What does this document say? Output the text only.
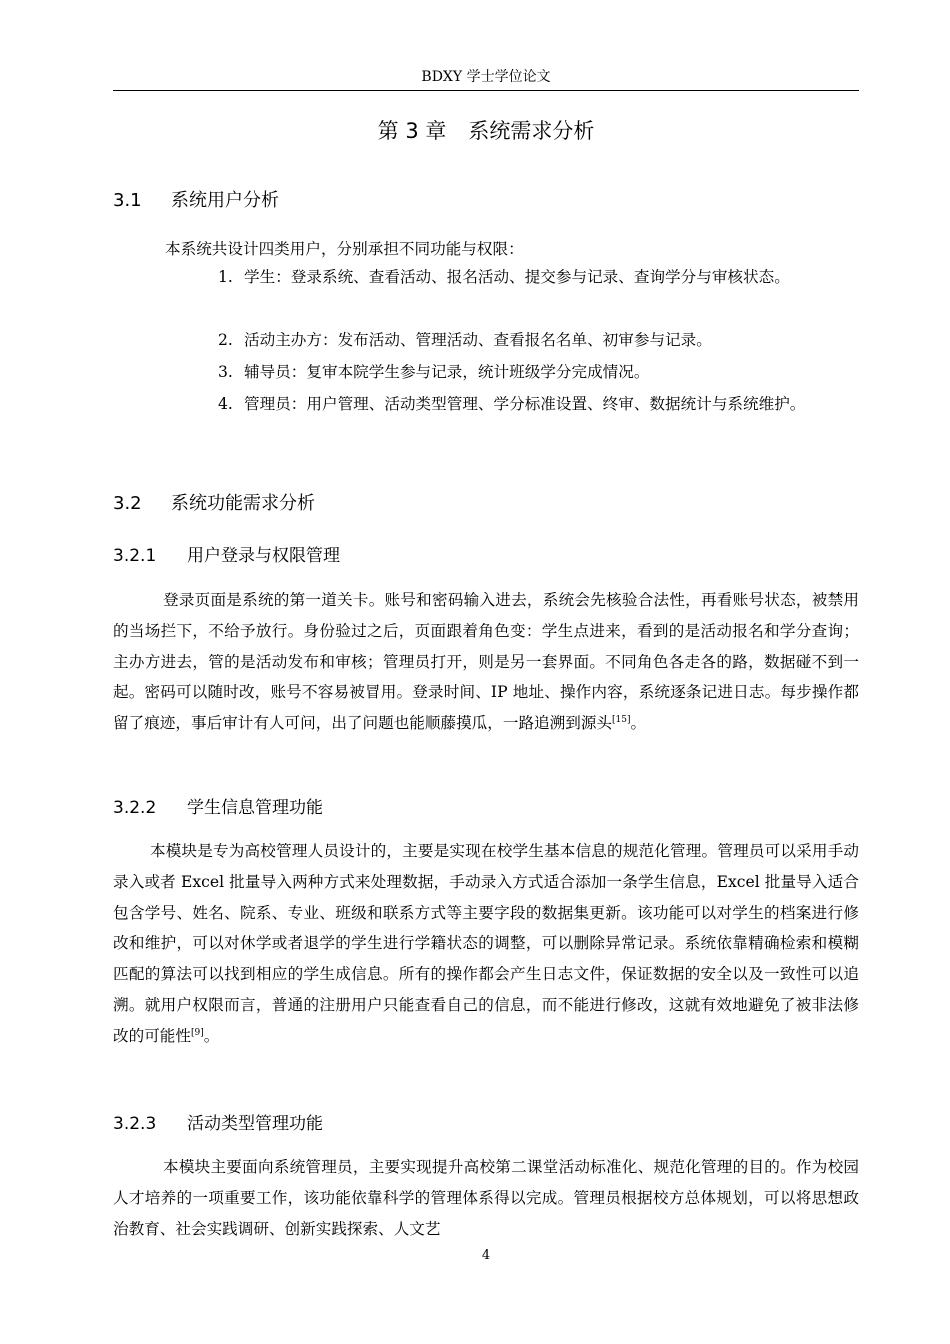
BDXY 学士学位论文
第 3 章 系统需求分析
3.1 系统用户分析
本系统共设计四类用户，分别承担不同功能与权限：
1. 学生：登录系统、查看活动、报名活动、提交参与记录、查询学分与审核状态。
2. 活动主办方：发布活动、管理活动、查看报名名单、初审参与记录。
3. 辅导员：复审本院学生参与记录，统计班级学分完成情况。
4. 管理员：用户管理、活动类型管理、学分标准设置、终审、数据统计与系统维护。
3.2 系统功能需求分析
3.2.1 用户登录与权限管理
登录页面是系统的第一道关卡。账号和密码输入进去，系统会先核验合法性，再看账号状态，被禁用的当场拦下，不给予放行。身份验过之后，页面跟着角色变：学生点进来，看到的是活动报名和学分查询；主办方进去，管的是活动发布和审核；管理员打开，则是另一套界面。不同角色各走各的路，数据碰不到一起。密码可以随时改，账号不容易被冒用。登录时间、IP 地址、操作内容，系统逐条记进日志。每步操作都留了痕迹，事后审计有人可问，出了问题也能顺藤摸瓜，一路追溯到源头[15]。
3.2.2 学生信息管理功能
本模块是专为高校管理人员设计的，主要是实现在校学生基本信息的规范化管理。管理员可以采用手动录入或者 Excel 批量导入两种方式来处理数据，手动录入方式适合添加一条学生信息，Excel 批量导入适合包含学号、姓名、院系、专业、班级和联系方式等主要字段的数据集更新。该功能可以对学生的档案进行修改和维护，可以对休学或者退学的学生进行学籍状态的调整，可以删除异常记录。系统依靠精确检索和模糊匹配的算法可以找到相应的学生成信息。所有的操作都会产生日志文件，保证数据的安全以及一致性可以追溯。就用户权限而言，普通的注册用户只能查看自己的信息，而不能进行修改，这就有效地避免了被非法修改的可能性[9]。
3.2.3 活动类型管理功能
本模块主要面向系统管理员，主要实现提升高校第二课堂活动标准化、规范化管理的目的。作为校园人才培养的一项重要工作，该功能依靠科学的管理体系得以完成。管理员根据校方总体规划，可以将思想政治教育、社会实践调研、创新实践探索、人文艺
4
